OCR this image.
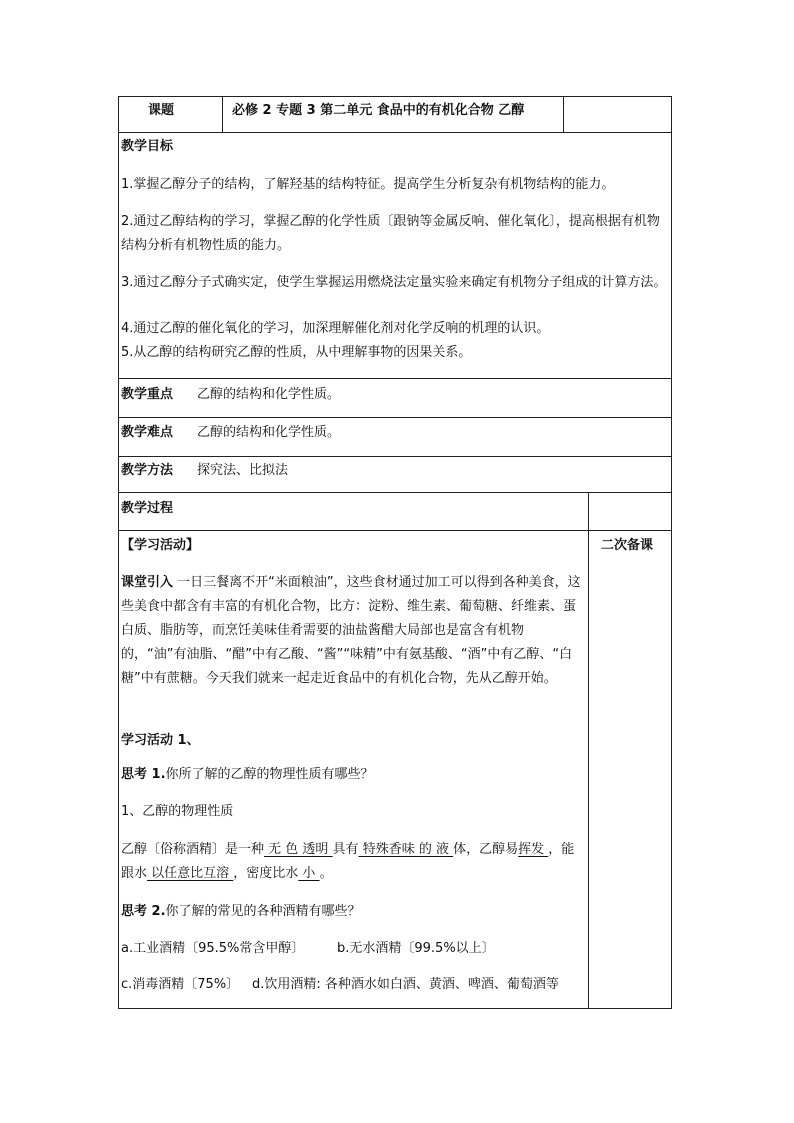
课题	必修 2 专题 3 第二单元 食品中的有机化合物 乙醇
教学目标
1.掌握乙醇分子的结构，了解羟基的结构特征。提高学生分析复杂有机物结构的能力。
2.通过乙醇结构的学习，掌握乙醇的化学性质〔跟钠等金属反响、催化氧化〕，提高根据有机物结构分析有机物性质的能力。
3.通过乙醇分子式确实定，使学生掌握运用燃烧法定量实验来确定有机物分子组成的计算方法。
4.通过乙醇的催化氧化的学习，加深理解催化剂对化学反响的机理的认识。
5.从乙醇的结构研究乙醇的性质，从中理解事物的因果关系。
教学重点 乙醇的结构和化学性质。
教学难点 乙醇的结构和化学性质。
教学方法 探究法、比拟法
教学过程
二次备课
【学习活动】
课堂引入 一日三餐离不开“米面粮油”，这些食材通过加工可以得到各种美食，这些美食中都含有丰富的有机化合物，比方：淀粉、维生素、葡萄糖、纤维素、蛋白质、脂肪等，而烹饪美味佳肴需要的油盐酱醋大局部也是富含有机物的，“油”有油脂、“醋”中有乙酸、“酱”“味精”中有氨基酸、“酒”中有乙醇、“白糖”中有蔗糖。今天我们就来一起走近食品中的有机化合物，先从乙醇开始。
学习活动 1、
思考 1.你所了解的乙醇的物理性质有哪些？
1、乙醇的物理性质
乙醇〔俗称酒精〕是一种 无 色 透明 具有 特殊香味 的 液 体，乙醇易挥发 ，能跟水 以任意比互溶 ，密度比水 小 。
思考 2.你了解的常见的各种酒精有哪些？
a.工业酒精〔95.5%常含甲醇〕	b.无水酒精〔99.5%以上〕
c.消毒酒精〔75%〕 d.饮用酒精: 各种酒水如白酒、黄酒、啤酒、葡萄酒等
